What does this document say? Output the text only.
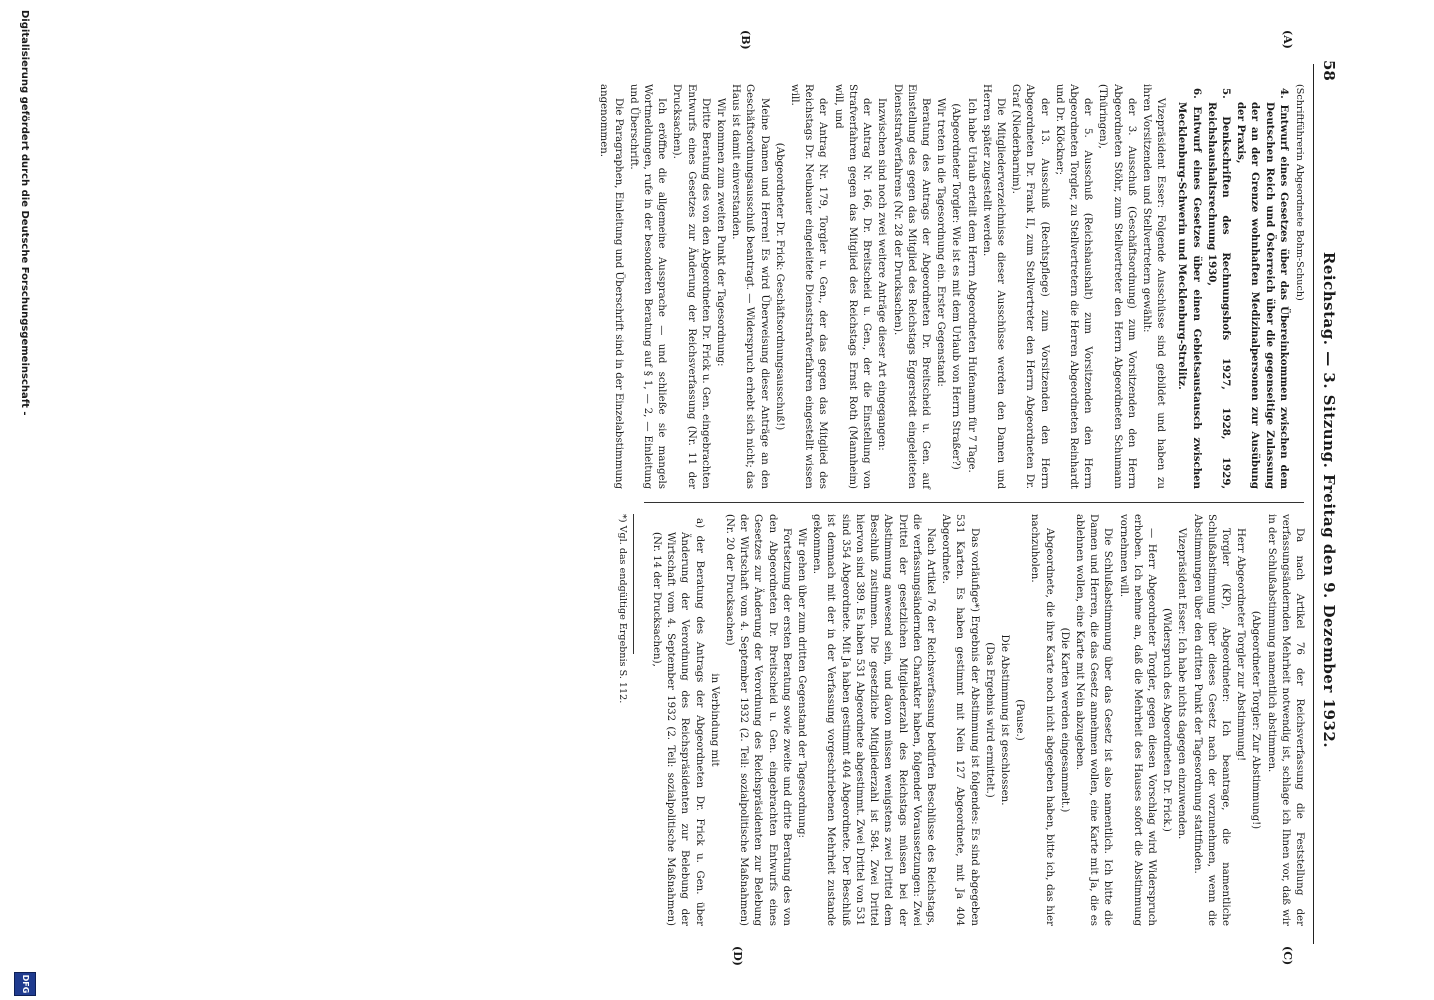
58
Reichstag. — 3. Sitzung. Freitag den 9. Dezember 1932.
(A)
(B)
(C)
(D)

(Schriftführerin Abgeordnete Bohm-Schuch)

4. Entwurf eines Gesetzes über das Übereinkommen zwischen dem Deutschen Reich und Österreich über die gegenseitige Zulassung der an der Grenze wohnhaften Medizinalpersonen zur Ausübung der Praxis,

5. Denkschriften des Rechnungshofs 1927, 1928, 1929, Reichshaushaltsrechnung 1930,

6. Entwurf eines Gesetzes über einen Gebietsaustausch zwischen Mecklenburg-Schwerin und Mecklenburg-Strelitz.

Vizepräsident Esser: Folgende Ausschüsse sind gebildet und haben zu ihren Vorsitzenden und Stellvertretern gewählt:

der 3. Ausschuß (Geschäftsordnung) zum Vorsitzenden den Herrn Abgeordneten Stöhr, zum Stellvertreter den Herrn Abgeordneten Schumann (Thüringen),

der 5. Ausschuß (Reichshaushalt) zum Vorsitzenden den Herrn Abgeordneten Torgler, zu Stellvertretern die Herren Abgeordneten Reinhardt und Dr. Klöckner;

der 13. Ausschuß (Rechtspflege) zum Vorsitzenden den Herrn Abgeordneten Dr. Frank II, zum Stellvertreter den Herrn Abgeordneten Dr. Graf (Niederbarnim).

Die Mitgliederverzeichnisse dieser Ausschüsse werden den Damen und Herren später zugestellt werden.

Ich habe Urlaub erteilt dem Herrn Abgeordneten Hufenamm für 7 Tage.

(Abgeordneter Torgler: Wie ist es mit dem Urlaub von Herrn Straßer?)

Wir treten in die Tagesordnung ein. Erster Gegenstand:

Beratung des Antrags der Abgeordneten Dr. Breitscheid u. Gen. auf Einstellung des gegen das Mitglied des Reichstags Eggerstedt eingeleiteten Dienststrafverfahrens (Nr. 28 der Drucksachen).

Inzwischen sind noch zwei weitere Anträge dieser Art eingegangen:

der Antrag Nr. 166, Dr. Breitscheid u. Gen., der die Einstellung von Strafverfahren gegen das Mitglied des Reichstags Ernst Roth (Mannheim) will, und

der Antrag Nr. 179, Torgler u. Gen., der das gegen das Mitglied des Reichstags Dr. Neubauer eingeleitete Dienststrafverfahren eingestellt wissen will.

(Abgeordneter Dr. Frick: Geschäftsordnungsausschuß!)

Meine Damen und Herren! Es wird Überweisung dieser Anträge an den Geschäftsordnungsausschuß beantragt. — Widerspruch erhebt sich nicht; das Haus ist damit einverstanden.

Wir kommen zum zweiten Punkt der Tagesordnung:

Dritte Beratung des von den Abgeordneten Dr. Frick u. Gen. eingebrachten Entwurfs eines Gesetzes zur Änderung der Reichsverfassung (Nr. 11 der Drucksachen).

Ich eröffne die allgemeine Aussprache — und schließe sie mangels Wortmeldungen, rufe in der besonderen Beratung auf § 1, — 2, — Einleitung und Überschrift.

Die Paragraphen, Einleitung und Überschrift sind in der Einzelabstimmung angenommen.

Da nach Artikel 76 der Reichsverfassung die Feststellung der verfassungsändernden Mehrheit notwendig ist, schlage ich Ihnen vor, daß wir in der Schlußabstimmung namentlich abstimmen.

(Abgeordneter Torgler: Zur Abstimmung!)

Herr Abgeordneter Torgler zur Abstimmung!

Torgler (KP), Abgeordneter: Ich beantrage, die namentliche Schlußabstimmung über dieses Gesetz nach der vorzunehmen, wenn die Abstimmungen über den dritten Punkt der Tagesordnung stattfinden.

Vizepräsident Esser: Ich habe nichts dagegen einzuwenden.

(Widerspruch des Abgeordneten Dr. Frick.)

— Herr Abgeordneter Torgler, gegen diesen Vorschlag wird Widerspruch erhoben. Ich nehme an, daß die Mehrheit des Hauses sofort die Abstimmung vornehmen will.

Die Schlußabstimmung über das Gesetz ist also namentlich. Ich bitte die Damen und Herren, die das Gesetz annehmen wollen, eine Karte mit Ja, die es ablehnen wollen, eine Karte mit Nein abzugeben.

(Die Karten werden eingesammelt.)

Abgeordnete, die ihre Karte noch nicht abgegeben haben, bitte ich, das hier nachzuholen.

(Pause.)

Die Abstimmung ist geschlossen.

(Das Ergebnis wird ermittelt.)

Das vorläufige*) Ergebnis der Abstimmung ist folgendes: Es sind abgegeben 531 Karten. Es haben gestimmt mit Nein 127 Abgeordnete, mit Ja 404 Abgeordnete.

Nach Artikel 76 der Reichsverfassung bedürfen Beschlüsse des Reichstags, die verfassungsändernden Charakter haben, folgender Voraussetzungen: Zwei Drittel der gesetzlichen Mitgliederzahl des Reichstags müssen bei der Abstimmung anwesend sein, und davon müssen wenigstens zwei Drittel dem Beschluß zustimmen. Die gesetzliche Mitgliederzahl ist 584. Zwei Drittel hiervon sind 389. Es haben 531 Abgeordnete abgestimmt. Zwei Drittel von 531 sind 354 Abgeordnete. Mit Ja haben gestimmt 404 Abgeordnete. Der Beschluß ist demnach mit der in der Verfassung vorgeschriebenen Mehrheit zustande gekommen.

Wir gehen über zum dritten Gegenstand der Tagesordnung:

Fortsetzung der ersten Beratung sowie zweite und dritte Beratung des von den Abgeordneten Dr. Breitscheid u. Gen. eingebrachten Entwurfs eines Gesetzes zur Änderung der Verordnung des Reichspräsidenten zur Belebung der Wirtschaft vom 4. September 1932 (2. Teil: sozialpolitische Maßnahmen) (Nr. 20 der Drucksachen)

in Verbindung mit

a) der Beratung des Antrags der Abgeordneten Dr. Frick u. Gen. über Änderung der Verordnung des Reichspräsidenten zur Belebung der Wirtschaft vom 4. September 1932 (2. Teil: sozialpolitische Maßnahmen) (Nr. 14 der Drucksachen),

*) Vgl. das endgültige Ergebnis S. 112.
Digitalisierung gefördert durch die Deutsche Forschungsgemeinschaft -
DFG
